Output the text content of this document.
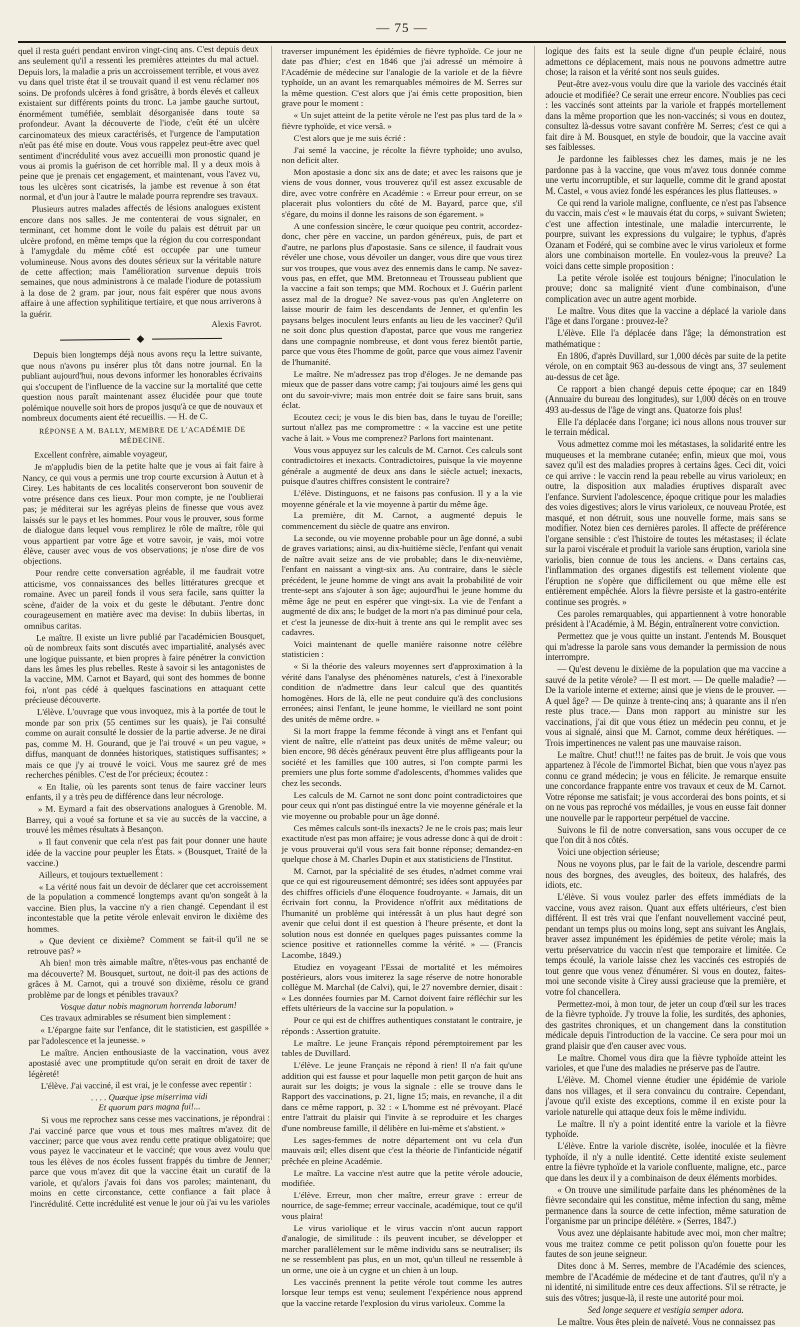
— 75 —

quel il resta guéri pendant environ vingt-cinq ans. C'est depuis deux ans seulement qu'il a ressenti les premières atteintes du mal actuel. Depuis lors, la maladie a pris un accroissement terrible, et vous avez vu dans quel triste état il se trouvait quand il est venu réclamer nos soins. De profonds ulcères à fond grisâtre, à bords élevés et calleux existaient sur différents points du tronc. La jambe gauche surtout, énormément tuméfiée, semblait désorganisée dans toute sa profondeur. Avant la découverte de l'iode, c'eût été un ulcère carcinomateux des mieux caractérisés, et l'urgence de l'amputation n'eût pas été mise en doute. Vous vous rappelez peut-être avec quel sentiment d'incrédulité vous avez accueilli mon pronostic quand je vous ai promis la guérison de cet horrible mal. Il y a deux mois à peine que je prenais cet engagement, et maintenant, vous l'avez vu, tous les ulcères sont cicatrisés, la jambe est revenue à son état normal, et d'un jour à l'autre le malade pourra reprendre ses travaux.

Plusieurs autres malades affectés de lésions analogues existent encore dans nos salles. Je me contenterai de vous signaler, en terminant, cet homme dont le voile du palais est détruit par un ulcère profond, en même temps que la région du cou correspondant à l'amygdale du même côté est occupée par une tumeur volumineuse. Nous avons des doutes sérieux sur la véritable nature de cette affection; mais l'amélioration survenue depuis trois semaines, que nous administrons à ce malade l'iodure de potassium à la dose de 2 gram. par jour, nous fait espérer que nous avons affaire à une affection syphilitique tertiaire, et que nous arriverons à la guérir.

Alexis Favrot.

◆

Depuis bien longtemps déjà nous avons reçu la lettre suivante, que nous n'avons pu insérer plus tôt dans notre journal. En la publiant aujourd'hui, nous devons informer les honorables écrivains qui s'occupent de l'influence de la vaccine sur la mortalité que cette question nous paraît maintenant assez élucidée pour que toute polémique nouvelle soit hors de propos jusqu'à ce que de nouvaux et nombreux documents aient été recueillis. — H. de C.

RÉPONSE A M. BALLY, MEMBRE DE L'ACADÉMIE DE MÉDECINE.

Excellent confrère, aimable voyageur,

Je m'appludis bien de la petite halte que je vous ai fait faire à Nancy, ce qui vous a permis une trop courte excursion à Autun et à Cirey. Les habitants de ces localités conserveront bon souvenir de votre présence dans ces lieux. Pour mon compte, je ne l'oublierai pas; je méditerai sur les agréyas pleins de finesse que vous avez laissés sur le pays et les hommes. Pour vous le prouver, sous forme de dialogue dans lequel vous remplirez le rôle de maître, rôle qui vous appartient par votre âge et votre savoir, je vais, moi votre élève, causer avec vous de vos observations; je n'ose dire de vos objections.

Pour rendre cette conversation agréable, il me faudrait votre atticisme, vos connaissances des belles littératures grecque et romaine. Avec un pareil fonds il vous sera facile, sans quitter la scène, d'aider de la voix et du geste le débutant. J'entre donc courageusement en matière avec ma devise: In dubiis libertas, in omnibus caritas.

Le maître. Il existe un livre publié par l'académicien Bousquet, où de nombreux faits sont discutés avec impartialité, analysés avec une logique puissante, et bien propres à faire pénétrer la conviction dans les âmes les plus rebelles. Reste à savoir si les antagonistes de la vaccine, MM. Carnot et Bayard, qui sont des hommes de bonne foi, n'ont pas cédé à quelques fascinations en attaquant cette précieuse découverte.

L'élève. L'ouvrage que vous invoquez, mis à la portée de tout le monde par son prix (55 centimes sur les quais), je l'ai consulté comme on aurait consulté le dossier de la partie adverse. Je ne dirai pas, comme M. H. Gourand, que je l'ai trouvé « un peu vague, » diffus, manquant de données historiques, statistiques suffisantes; » mais ce que j'y ai trouvé le voici. Vous me saurez gré de mes recherches pénibles. C'est de l'or précieux; écoutez :

« En Italie, où les parents sont tenus de faire vacciner leurs enfants, il y a très peu de différence dans leur nécrologe.

» M. Eymard a fait des observations analogues à Grenoble. M. Barrey, qui a voué sa fortune et sa vie au succès de la vaccine, a trouvé les mêmes résultats à Besançon.

» Il faut convenir que cela n'est pas fait pour donner une haute idée de la vaccine pour peupler les États. » (Bousquet, Traité de la vaccine.)

Ailleurs, et toujours textuellement :

« La vérité nous fait un devoir de déclarer que cet accroissement de la population a commencé longtemps avant qu'on songeât à la vaccine. Bien plus, la vaccine n'y a rien changé. Cependant il est incontestable que la petite vérole enlevait environ le dixième des hommes.

» Que devient ce dixième? Comment se fait-il qu'il ne se retrouve pas? »

Ah bien! mon très aimable maître, n'êtes-vous pas enchanté de ma découverte? M. Bousquet, surtout, ne doit-il pas des actions de grâces à M. Carnot, qui a trouvé son dixième, résolu ce grand problème par de longs et pénibles travaux?

Vosque datur nobis magnorum horrenda laborum!

Ces travaux admirables se résument bien simplement :

« L'épargne faite sur l'enfance, dit le statisticien, est gaspillée » par l'adolescence et la jeunesse. »

Le maître. Ancien enthousiaste de la vaccination, vous avez apostasié avec une promptitude qu'on serait en droit de taxer de légèreté!

L'élève. J'ai vacciné, il est vrai, je le confesse avec repentir :

. . . . Quæque ipse miserrima vidi
Et quorum pars magna fui!...

Si vous me reprochez sans cesse mes vaccinations, je répondrai : J'ai vacciné parce que vous et tous mes maîtres m'avez dit de vacciner; parce que vous avez rendu cette pratique obligatoire; que vous payez le vaccinateur et le vacciné; que vous avez voulu que tous les élèves de nos écoles fussent frappés du timbre de Jenner; parce que vous m'avez dit que la vaccine était un curatif de la variole, et qu'alors j'avais foi dans vos paroles; maintenant, du moins en cette circonstance, cette confiance a fait place à l'incrédulité. Cette incrédulité est venue le jour où j'ai vu les varioles

traverser impunément les épidémies de fièvre typhoïde. Ce jour ne date pas d'hier; c'est en 1846 que j'ai adressé un mémoire à l'Académie de médecine sur l'analogie de la variole et de la fièvre typhoïde, un an avant les remarquables mémoires de M. Serres sur la même question. C'est alors que j'ai émis cette proposition, bien grave pour le moment :

« Un sujet atteint de la petite vérole ne l'est pas plus tard de la » fièvre typhoïde, et vice versâ. »

C'est alors que je me suis écrié :

J'ai semé la vaccine, je récolte la fièvre typhoïde; uno avulso, non deficit alter.

Mon apostasie a donc six ans de date; et avec les raisons que je viens de vous donner, vous trouverez qu'il est assez excusable de dire, avec votre confrère en Académie : « Erreur pour erreur, on se placerait plus volontiers du côté de M. Bayard, parce que, s'il s'égare, du moins il donne les raisons de son égarement. »

A une confession sincère, le cœur quoique peu contrit, accordez-donc, cher père en vaccine, un pardon généreux, puis, de part et d'autre, ne parlons plus d'apostasie. Sans ce silence, il faudrait vous révéler une chose, vous dévoiler un danger, vous dire que vous tirez sur vos troupes, que vous avez des ennemis dans le camp. Ne savez-vous pas, en effet, que MM. Bretonneau et Trousseau publient que la vaccine a fait son temps; que MM. Rochoux et J. Guérin parlent assez mal de la drogue? Ne savez-vous pas qu'en Angleterre on laisse mourir de faim les descendants de Jenner, et qu'enfin les paysans belges inoculent leurs enfants au lieu de les vacciner? Qu'il ne soit donc plus question d'apostat, parce que vous me rangeriez dans une compagnie nombreuse, et dont vous ferez bientôt partie, parce que vous êtes l'homme de goût, parce que vous aimez l'avenir de l'humanité.

Le maître. Ne m'adressez pas trop d'éloges. Je ne demande pas mieux que de passer dans votre camp; j'ai toujours aimé les gens qui ont du savoir-vivre; mais mon entrée doit se faire sans bruit, sans éclat.

Ecoutez ceci; je vous le dis bien bas, dans le tuyau de l'oreille; surtout n'allez pas me compromettre : « la vaccine est une petite vache à lait. » Vous me comprenez? Parlons fort maintenant.

Vous vous appuyez sur les calculs de M. Carnot. Ces calculs sont contradictoires et inexacts. Contradictoires, puisque la vie moyenne générale a augmenté de deux ans dans le siècle actuel; inexacts, puisque d'autres chiffres consistent le contraire?

L'élève. Distinguons, et ne faisons pas confusion. Il y a la vie moyenne générale et la vie moyenne à partir du même âge.

La première, dit M. Carnot, a augmenté depuis le commencement du siècle de quatre ans environ.

La seconde, ou vie moyenne probable pour un âge donné, a subi de graves variations; ainsi, au dix-huitième siècle, l'enfant qui venait de naître avait seize ans de vie probable; dans le dix-neuvième, l'enfant en naissant a vingt-six ans. Au contraire, dans le siècle précédent, le jeune homme de vingt ans avait la probabilité de voir trente-sept ans s'ajouter à son âge; aujourd'hui le jeune homme du même âge ne peut en espérer que vingt-six. La vie de l'enfant a augmenté de dix ans; le budget de la mort n'a pas diminué pour cela, et c'est la jeunesse de dix-huit à trente ans qui le remplit avec ses cadavres.

Voici maintenant de quelle manière raisonne notre célèbre statisticien :

« Si la théorie des valeurs moyennes sert d'approximation à la vérité dans l'analyse des phénomènes naturels, c'est à l'inexorable condition de n'admettre dans leur calcul que des quantités homogènes. Hors de là, elle ne peut conduire qu'à des conclusions erronées; ainsi l'enfant, le jeune homme, le vieillard ne sont point des unités de même ordre. »

Si la mort frappe la femme féconde à vingt ans et l'enfant qui vient de naître, elle n'atteint pas deux unités de même valeur; ou bien encore, 98 décès généraux peuvent être plus affligeants pour la société et les familles que 100 autres, si l'on compte parmi les premiers une plus forte somme d'adolescents, d'hommes valides que chez les seconds.

Les calculs de M. Carnot ne sont donc point contradictoires que pour ceux qui n'ont pas distingué entre la vie moyenne générale et la vie moyenne ou probable pour un âge donné.

Ces mêmes calculs sont-ils inexacts? Je ne le crois pas; mais leur exactitude n'est pas mon affaire; je vous adresse donc à qui de droit : je vous prouverai qu'il vous sera fait bonne réponse; demandez-en quelque chose à M. Charles Dupin et aux statisticiens de l'Institut.

M. Carnot, par la spécialité de ses études, n'admet comme vrai que ce qui est rigoureusement démontré; ses idées sont appuyées par des chiffres officiels d'une éloquence foudroyante. « Jamais, dit un écrivain fort connu, la Providence n'offrit aux méditations de l'humanité un problème qui intéressât à un plus haut degré son avenir que celui dont il est question à l'heure présente, et dont la solution nous est donnée en quelques pages puissantes comme la science positive et rationnelles comme la vérité. » — (Francis Lacombe, 1849.)

Etudiez en voyageant l'Essai de mortalité et les mémoires postérieurs, alors vous imiterez la sage réserve de notre honorable collègue M. Marchal (de Calvi), qui, le 27 novembre dernier, disait : « Les données fournies par M. Carnot doivent faire réfléchir sur les effets ultérieurs de la vaccine sur la population. »

Pour ce qui est de chiffres authentiques constatant le contraire, je réponds : Assertion gratuite.

Le maître. Le jeune Français répond péremptoirement par les tables de Duvillard.

L'élève. Le jeune Français ne répond à rien! Il n'a fait qu'une addition qui est fausse et pour laquelle mon petit garçon de huit ans aurait sur les doigts; je vous la signale : elle se trouve dans le Rapport des vaccinations, p. 21, ligne 15; mais, en revanche, il a dit dans ce même rapport, p. 32 : « L'homme est né prévoyant. Placé entre l'attrait du plaisir qui l'invite à se reproduire et les charges d'une nombreuse famille, il délibère en lui-même et s'abstient. »

Les sages-femmes de notre département ont vu cela d'un mauvais œil; elles disent que c'est la théorie de l'infanticide négatif prêchée en pleine Académie.

Le maître. La vaccine n'est autre que la petite vérole adoucie, modifiée.

L'élève. Erreur, mon cher maître, erreur grave : erreur de nourrice, de sage-femme; erreur vaccinale, académique, tout ce qu'il vous plaira!

Le virus variolique et le virus vaccin n'ont aucun rapport d'analogie, de similitude : ils peuvent incuber, se développer et marcher parallèlement sur le même individu sans se neutraliser; ils ne se ressemblent pas plus, en un mot, qu'un tilleul ne ressemble à un orme, une oie à un cygne et un chien à un loup.

Les vaccinés prennent la petite vérole tout comme les autres lorsque leur temps est venu; seulement l'expérience nous apprend que la vaccine retarde l'explosion du virus varioleux. Comme la

logique des faits est la seule digne d'un peuple éclairé, nous admettons ce déplacement, mais nous ne pouvons admettre autre chose; la raison et la vérité sont nos seuls guides.

Peut-être avez-vous voulu dire que la variole des vaccinés était adoucie et modifiée? Ce serait une erreur encore. N'oublies pas ceci : les vaccinés sont atteints par la variole et frappés mortellement dans la même proportion que les non-vaccinés; si vous en doutez, consultez là-dessus votre savant confrère M. Serres; c'est ce qui a fait dire à M. Bousquet, en style de boudoir, que la vaccine avait ses faiblesses.

Je pardonne les faiblesses chez les dames, mais je ne les pardonne pas à la vaccine, que vous m'avez tous donnée comme une vertu incorruptible, et sur laquelle, comme dit le grand apostat M. Castel, « vous aviez fondé les espérances les plus flatteuses. »

Ce qui rend la variole maligne, confluente, ce n'est pas l'absence du vaccin, mais c'est « le mauvais état du corps, » suivant Swieten; c'est une affection intestinale, une maladie intercurrente, le pourpre, suivant les expressions du vulgaire; le typhus, d'après Ozanam et Fodéré, qui se combine avec le virus varioleux et forme alors une combinaison mortelle. En voulez-vous la preuve? La voici dans cette simple proposition :

La petite vérole isolée est toujours bénigne; l'inoculation le prouve; donc sa malignité vient d'une combinaison, d'une complication avec un autre agent morbide.

Le maître. Vous dites que la vaccine a déplacé la variole dans l'âge et dans l'organe : prouvez-le?

L'élève. Elle l'a déplacée dans l'âge; la démonstration est mathématique :

En 1806, d'après Duvillard, sur 1,000 décès par suite de la petite vérole, on en comptait 963 au-dessous de vingt ans, 37 seulement au-dessus de cet âge.

Ce rapport a bien changé depuis cette époque; car en 1849 (Annuaire du bureau des longitudes), sur 1,000 décès on en trouve 493 au-dessus de l'âge de vingt ans. Quatorze fois plus!

Elle l'a déplacée dans l'organe; ici nous allons nous trouver sur le terrain médical.

Vous admettez comme moi les métastases, la solidarité entre les muqueuses et la membrane cutanée; enfin, mieux que moi, vous savez qu'il est des maladies propres à certains âges. Ceci dit, voici ce qui arrive : le vaccin rend la peau rebelle au virus varioleux; en outre, la disposition aux maladies éruptives disparaît avec l'enfance. Survient l'adolescence, époque critique pour les maladies des voies digestives; alors le virus varioleux, ce nouveau Protée, est masqué, et non détruit, sous une nouvelle forme, mais sans se modifier. Notez bien ces dernières paroles. Il affecte de préférence l'organe sensible : c'est l'histoire de toutes les métastases; il éclate sur la paroi viscérale et produit la variole sans éruption, variola sine variolis, bien connue de tous les anciens. « Dans certains cas, l'inflammation des organes digestifs est tellement violente que l'éruption ne s'opère que difficilement ou que même elle est entièrement empêchée. Alors la fièvre persiste et la gastro-entérite continue ses progrès. »

Ces paroles remarquables, qui appartiennent à votre honorable président à l'Académie, à M. Bégin, entraînerent votre conviction.

Permettez que je vous quitte un instant. J'entends M. Bousquet qui m'adresse la parole sans vous demander la permission de nous interrompre.

— Qu'est devenu le dixième de la population que ma vaccine a sauvé de la petite vérole? — Il est mort. — De quelle maladie? — De la variole interne et externe; ainsi que je viens de le prouver. — A quel âge? — De quinze à trente-cinq ans; à quarante ans il n'en reste plus trace.— Dans mon rapport au ministre sur les vaccinations, j'ai dit que vous étiez un médecin peu connu, et je vous ai signalé, ainsi que M. Carnot, comme deux hérétiques. — Trois impertinences ne valent pas une mauvaise raison.

Le maître. Chut! chut!!! ne faites pas de bruit. Je vois que vous appartenez à l'école de l'immortel Bichat, bien que vous n'ayez pas connu ce grand médecin; je vous en félicite. Je remarque ensuite une concordance frappante entre vos travaux et ceux de M. Carnot. Votre réponse me satisfait; je vous accorderai des bons points, et si on ne vous pas reproché vos médailles, je vous en eusse fait donner une nouvelle par le rapporteur perpétuel de vaccine.

Suivons le fil de notre conversation, sans vous occuper de ce que l'on dit à nos côtés.

Voici une objection sérieuse;

Nous ne voyons plus, par le fait de la variole, descendre parmi nous des borgnes, des aveugles, des boiteux, des halafrés, des idiots, etc.

L'élève. Si vous voulez parler des effets immédiats de la vaccine, vous avez raison. Quant aux effets ultérieurs, c'est bien différent. Il est très vrai que l'enfant nouvellement vacciné peut, pendant un temps plus ou moins long, sept ans suivant les Anglais, braver assez impunément les épidémies de petite vérole; mais la vertu préservatrice du vaccin n'est que temporaire et limitée. Ce temps écoulé, la variole laisse chez les vaccinés ces estropiés de tout genre que vous venez d'énumérer. Si vous en doutez, faites-moi une seconde visite à Cirey aussi gracieuse que la première, et votre fol chancellera.

Permettez-moi, à mon tour, de jeter un coup d'œil sur les traces de la fièvre typhoïde. J'y trouve la folie, les surdités, des aphonies, des gastrites chroniques, et un changement dans la constitution médicale depuis l'introduction de la vaccine. Ce sera pour moi un grand plaisir que d'en causer avec vous.

Le maître. Chomel vous dira que la fièvre typhoïde atteint les varioles, et que l'une des maladies ne préserve pas de l'autre.

L'élève. M. Chomel vienne étudier une épidémie de variole dans nos villages, et il sera convaincu du contraire. Cependant, j'avoue qu'il existe des exceptions, comme il en existe pour la variole naturelle qui attaque deux fois le même individu.

Le maître. Il n'y a point identité entre la variole et la fièvre typhoïde.

L'élève. Entre la variole discrète, isolée, inoculée et la fièvre typhoïde, il n'y a nulle identité. Cette identité existe seulement entre la fièvre typhoïde et la variole confluente, maligne, etc., parce que dans les deux il y a combinaison de deux éléments morbides.

« On trouve une similitude parfaite dans les phénomènes de la fièvre secondaire qui les constitue, même infection du sang, même permanence dans la source de cette infection, même saturation de l'organisme par un principe délétère. » (Serres, 1847.)

Vous avez une déplaisante habitude avec moi, mon cher maître; vous me traitez comme ce petit polisson qu'on fouette pour les fautes de son jeune seigneur.

Dites donc à M. Serres, membre de l'Académie des sciences, membre de l'Académie de médecine et de tant d'autres, qu'il n'y a ni identité, ni similitude entre ces deux affections. S'il se rétracte, je suis des vôtres; jusque-là, il reste une autorité pour moi.

Sed longe sequere et vestigia semper adora.

Le maître. Vous êtes plein de naïveté. Vous ne connaissez pas
